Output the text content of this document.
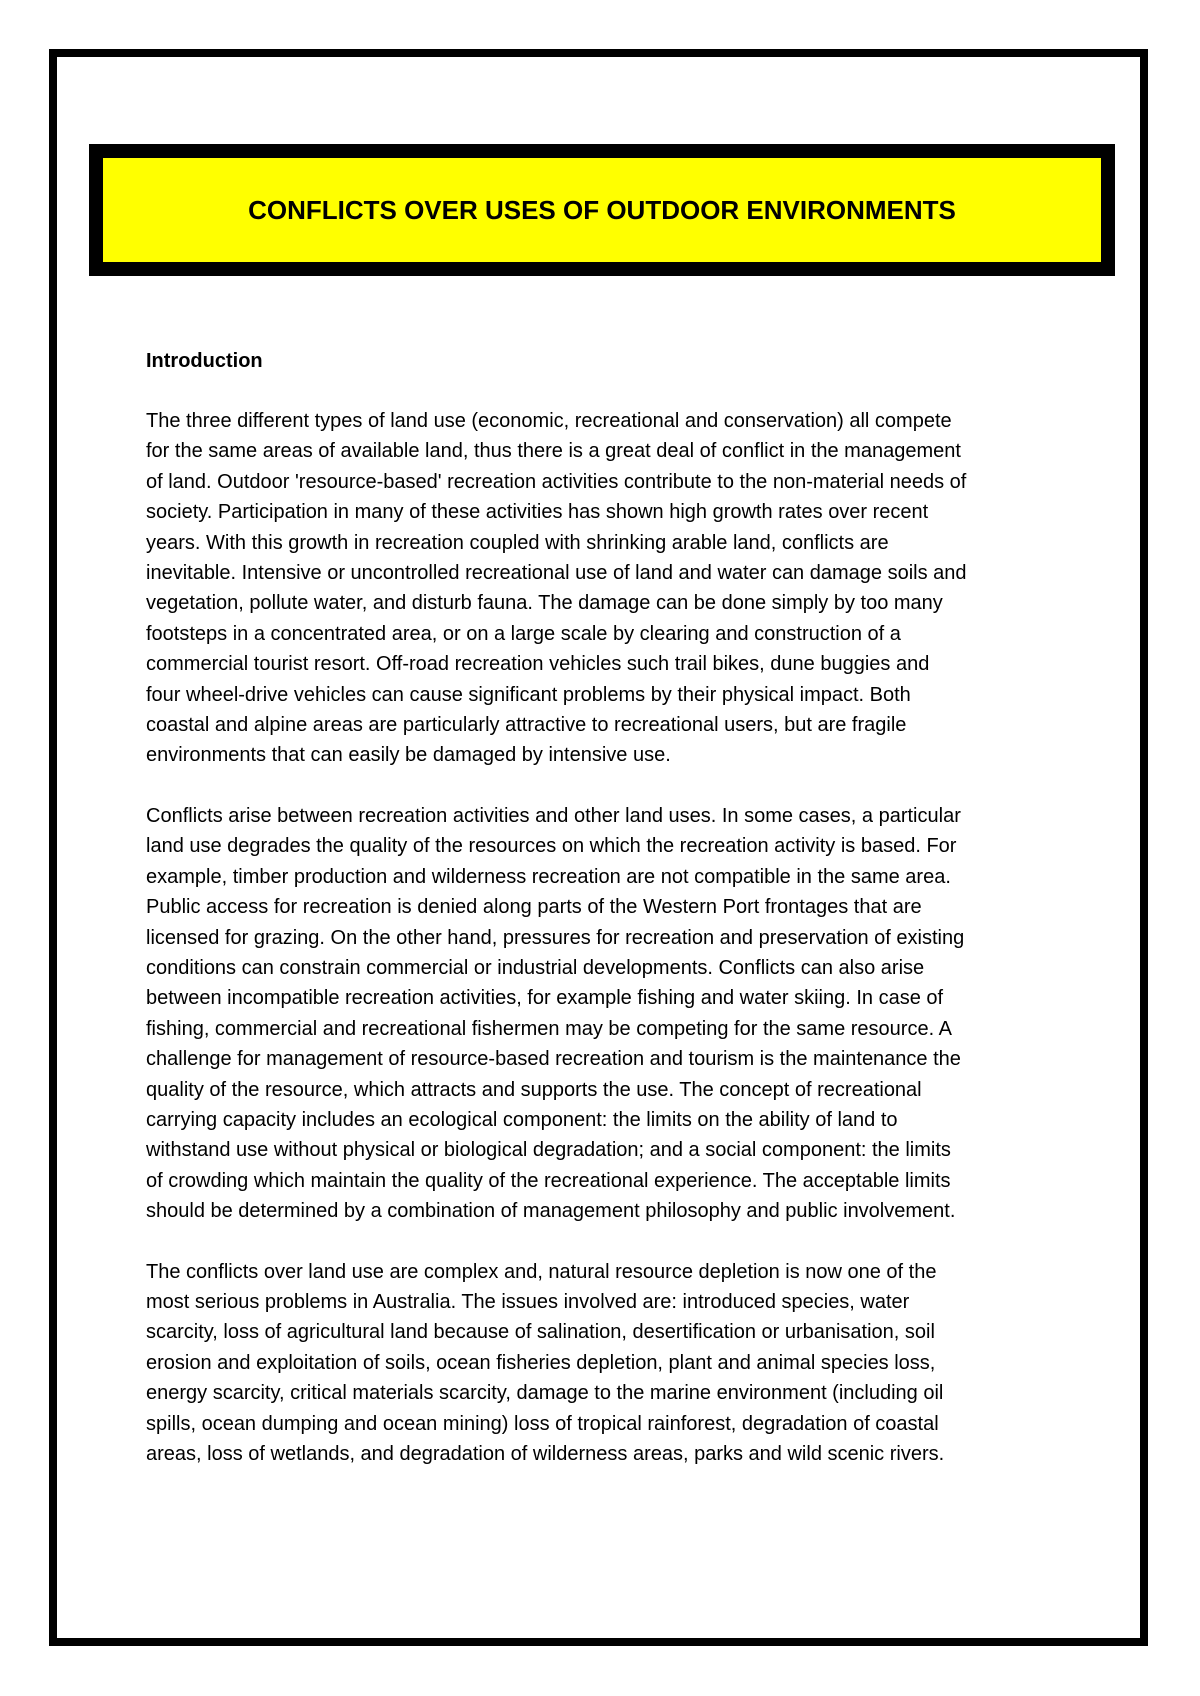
CONFLICTS OVER USES OF OUTDOOR ENVIRONMENTS
Introduction
The three different types of land use (economic, recreational and conservation) all compete
for the same areas of available land, thus there is a great deal of conflict in the management
of land. Outdoor 'resource-based' recreation activities contribute to the non-material needs of
society. Participation in many of these activities has shown high growth rates over recent
years. With this growth in recreation coupled with shrinking arable land, conflicts are
inevitable. Intensive or uncontrolled recreational use of land and water can damage soils and
vegetation, pollute water, and disturb fauna. The damage can be done simply by too many
footsteps in a concentrated area, or on a large scale by clearing and construction of a
commercial tourist resort. Off-road recreation vehicles such trail bikes, dune buggies and
four wheel-drive vehicles can cause significant problems by their physical impact. Both
coastal and alpine areas are particularly attractive to recreational users, but are fragile
environments that can easily be damaged by intensive use.
Conflicts arise between recreation activities and other land uses. In some cases, a particular
land use degrades the quality of the resources on which the recreation activity is based. For
example, timber production and wilderness recreation are not compatible in the same area.
Public access for recreation is denied along parts of the Western Port frontages that are
licensed for grazing. On the other hand, pressures for recreation and preservation of existing
conditions can constrain commercial or industrial developments. Conflicts can also arise
between incompatible recreation activities, for example fishing and water skiing. In case of
fishing, commercial and recreational fishermen may be competing for the same resource. A
challenge for management of resource-based recreation and tourism is the maintenance the
quality of the resource, which attracts and supports the use. The concept of recreational
carrying capacity includes an ecological component: the limits on the ability of land to
withstand use without physical or biological degradation; and a social component: the limits
of crowding which maintain the quality of the recreational experience. The acceptable limits
should be determined by a combination of management philosophy and public involvement.
The conflicts over land use are complex and, natural resource depletion is now one of the
most serious problems in Australia. The issues involved are: introduced species, water
scarcity, loss of agricultural land because of salination, desertification or urbanisation, soil
erosion and exploitation of soils, ocean fisheries depletion, plant and animal species loss,
energy scarcity, critical materials scarcity, damage to the marine environment (including oil
spills, ocean dumping and ocean mining) loss of tropical rainforest, degradation of coastal
areas, loss of wetlands, and degradation of wilderness areas, parks and wild scenic rivers.
